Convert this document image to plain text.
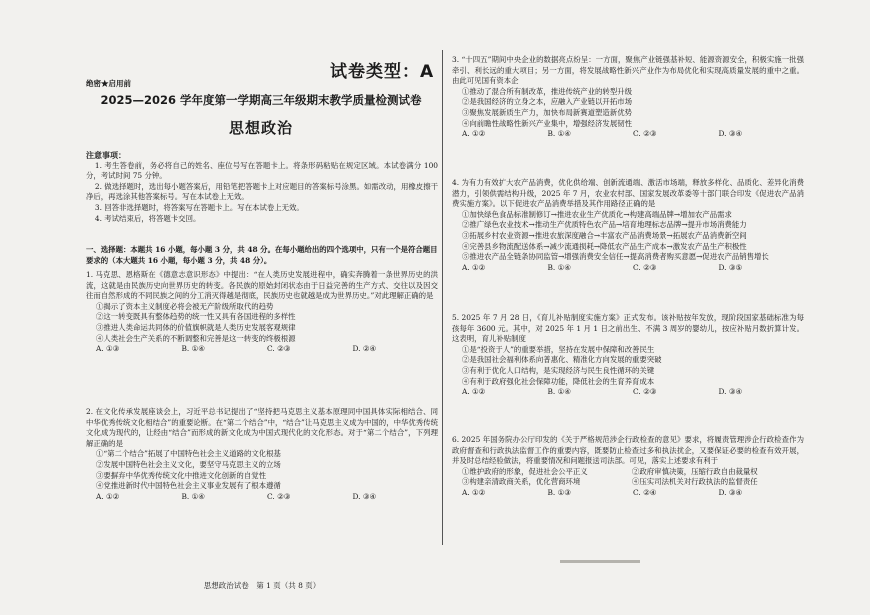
试卷类型：A
绝密★启用前
2025—2026 学年度第一学期高三年级期末教学质量检测试卷
思想政治
注意事项：

1. 考生答卷前，务必将自己的姓名、座位号写在答题卡上。将条形码粘贴在规定区域。本试卷满分 100 分，考试时间 75 分钟。

2. 做选择题时，选出每小题答案后，用铅笔把答题卡上对应题目的答案标号涂黑。如需改动，用橡皮擦干净后，再选涂其他答案标号。写在本试卷上无效。

3. 回答非选择题时，将答案写在答题卡上。写在本试卷上无效。

4. 考试结束后，将答题卡交回。

一、选择题：本题共 16 小题，每小题 3 分，共 48 分。在每小题给出的四个选项中，只有一个是符合题目要求的（本大题共 16 小题，每小题 3 分，共 48 分）。

1. 马克思、恩格斯在《德意志意识形态》中提出：“在人类历史发展进程中，确实奔腾着一条世界历史的洪流，这就是由民族历史向世界历史的转变。各民族的原始封闭状态由于日益完善的生产方式、交往以及因交往而自然形成的不同民族之间的分工消灭得越是彻底，民族历史也就越是成为世界历史。”对此理解正确的是

①揭示了资本主义制度必将会被无产阶级所取代的趋势

②这一转变既具有整体趋势的统一性又具有各国进程的多样性

③推进人类命运共同体的价值旗帜就是人类历史发展客观规律

④人类社会生产关系的不断调整和完善是这一转变的终极根源

A. ①③	B. ①④	C. ②③	D. ②④

2. 在文化传承发展座谈会上，习近平总书记提出了“坚持把马克思主义基本原理同中国具体实际相结合、同中华优秀传统文化相结合”的重要论断。在“第二个结合”中，“结合”让马克思主义成为中国的，中华优秀传统文化成为现代的，让经由“结合”而形成的新文化成为中国式现代化的文化形态。对于“第二个结合”，下列理解正确的是

①“第二个结合”拓展了中国特色社会主义道路的文化根基

②发展中国特色社会主义文化，要坚守马克思主义的立场

③要摒弃中华优秀传统文化中推进文化创新的自觉性

④党推进新时代中国特色社会主义事业发展有了根本遵循

A. ①②	B. ①④	C. ②③	D. ③④
思想政治试卷　第 1 页（共 8 页）

3. “十四五”期间中央企业的数据亮点纷呈：一方面，聚焦产业链强基补短、能源资源安全，积极实施一批强牵引、利长远的重大项目；另一方面，将发展战略性新兴产业作为布局优化和实现高质量发展的重中之重。由此可见国有资本企

①推动了混合所有制改革，推进传统产业的转型升级

②是我国经济的立身之本，应融入产业链以开拓市场

③聚焦发展新质生产力，加快布局新赛道塑造新优势

④向前瞻性战略性新兴产业集中，增强经济发展韧性

A. ①②	B. ①④	C. ②③	D. ③④

4. 为有力有效扩大农产品消费，优化供给端、创新流通端、激活市场端，释放多样化、品质化、差异化消费潜力，引领供需结构升级，2025 年 7 月，农业农村部、国家发展改革委等十部门联合印发《促进农产品消费实施方案》。以下促进农产品消费举措及其作用路径正确的是

①加快绿色食品标准制修订→推进农业生产优质化→构建高端品牌→增加农产品需求

②推广绿色农业技术→推动生产优质特色农产品→培育地理标志品牌→提升市场消费能力

③拓展乡村农业资源→推进农旅深度融合→丰富农产品消费场景→拓展农产品消费新空间

④完善县乡物流配送体系→减少流通损耗→降低农产品生产成本→激发农产品生产积极性

⑤推进农产品全链条协同监管→增强消费安全信任→提高消费者购买意愿→促进农产品销售增长

A. ①②	B. ①④	C. ②③	D. ③⑤

5. 2025 年 7 月 28 日，《育儿补贴制度实施方案》正式发布。该补贴按年发放，现阶段国家基础标准为每孩每年 3600 元。其中，对 2025 年 1 月 1 日之前出生、不满 3 周岁的婴幼儿，按应补贴月数折算计发。这表明，育儿补贴制度

①是“投资于人”的重要举措，坚持在发展中保障和改善民生

②是我国社会福利体系向普惠化、精准化方向发展的重要突破

③有利于优化人口结构，是实现经济与民生良性循环的关键

④有利于政府强化社会保障功能，降低社会的生育养育成本

A. ①②	B. ①④	C. ②③	D. ③④

6. 2025 年国务院办公厅印发的《关于严格规范涉企行政检查的意见》要求，将履责管理涉企行政检查作为政府督查和行政执法监督工作的重要内容，既要防止检查过多和执法扰企，又要保证必要的检查有效开展，并及时总结经验做法，将重要情况和问题报送司法部。可见，落实上述要求有利于

①维护政府的形象，促进社会公平正义	②政府审慎决策，压缩行政自由裁量权
③构建亲清政商关系，优化营商环境	④压实司法机关对行政执法的监督责任
A. ①②	B. ①③	C. ②④	D. ③④
